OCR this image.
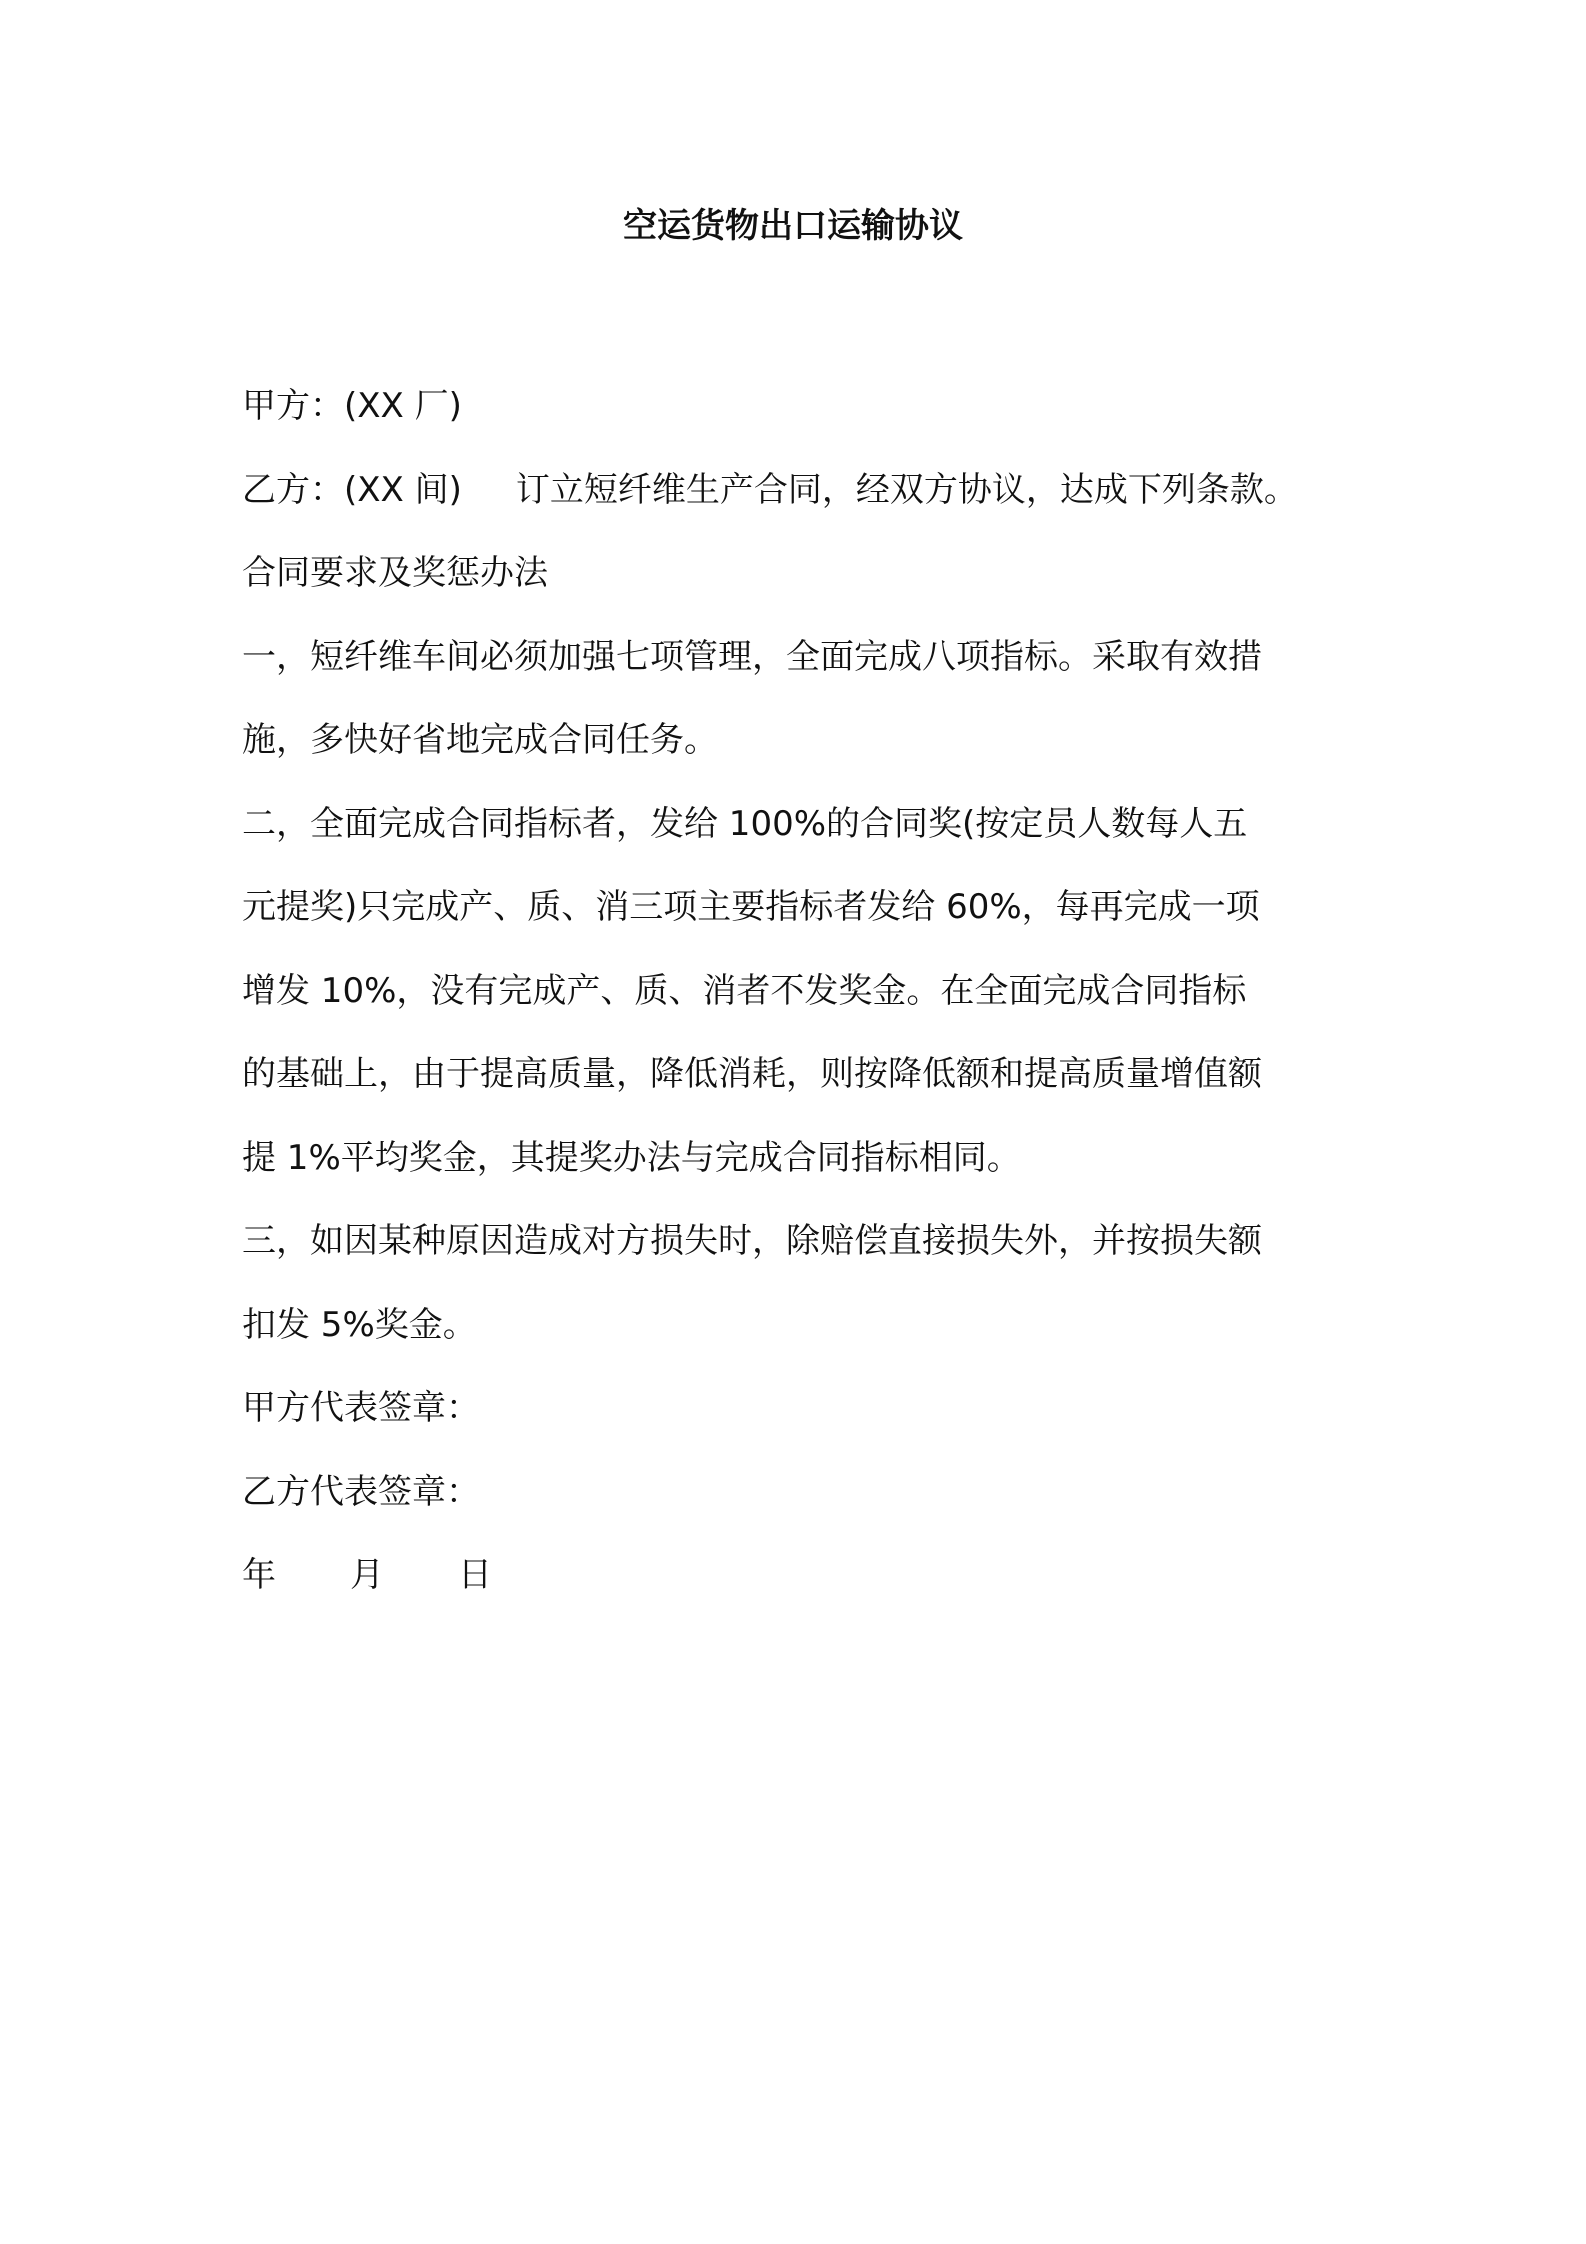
空运货物出口运输协议
甲方：(XX 厂)
乙方：(XX 间) 订立短纤维生产合同，经双方协议，达成下列条款。
合同要求及奖惩办法
一，短纤维车间必须加强七项管理，全面完成八项指标。采取有效措
施，多快好省地完成合同任务。
二，全面完成合同指标者，发给 100%的合同奖(按定员人数每人五
元提奖)只完成产、质、消三项主要指标者发给 60%，每再完成一项
增发 10%，没有完成产、质、消者不发奖金。在全面完成合同指标
的基础上，由于提高质量，降低消耗，则按降低额和提高质量增值额
提 1%平均奖金，其提奖办法与完成合同指标相同。
三，如因某种原因造成对方损失时，除赔偿直接损失外，并按损失额
扣发 5%奖金。
甲方代表签章：
乙方代表签章：
年 月 日
